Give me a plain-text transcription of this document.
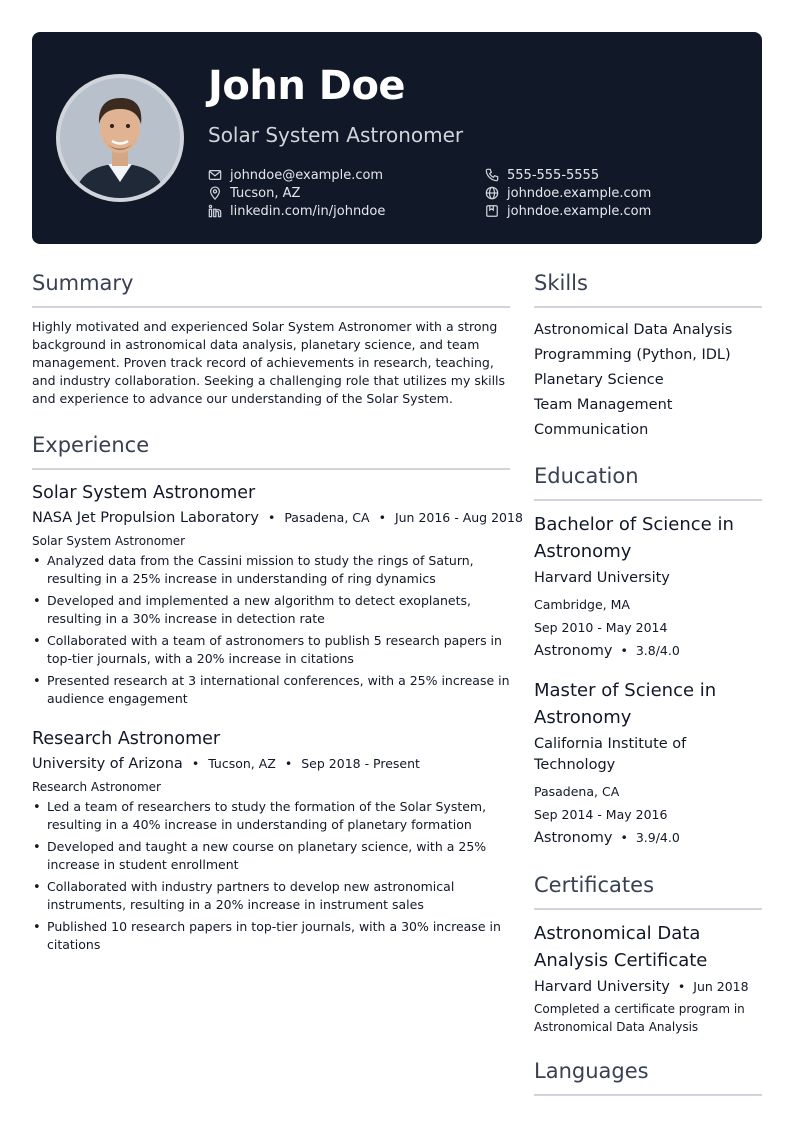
John Doe
Solar System Astronomer
johndoe@example.com
Tucson, AZ
linkedin.com/in/johndoe
555-555-5555
johndoe.example.com
johndoe.example.com
Summary

Highly motivated and experienced Solar System Astronomer with a strong background in astronomical data analysis, planetary science, and team management. Proven track record of achievements in research, teaching, and industry collaboration. Seeking a challenging role that utilizes my skills and experience to advance our understanding of the Solar System.

Experience
Solar System Astronomer
NASA Jet Propulsion Laboratory • Pasadena, CA • Jun 2016 - Aug 2018
Solar System Astronomer
• Analyzed data from the Cassini mission to study the rings of Saturn, resulting in a 25% increase in understanding of ring dynamics
• Developed and implemented a new algorithm to detect exoplanets, resulting in a 30% increase in detection rate
• Collaborated with a team of astronomers to publish 5 research papers in top-tier journals, with a 20% increase in citations
• Presented research at 3 international conferences, with a 25% increase in audience engagement
Research Astronomer
University of Arizona • Tucson, AZ • Sep 2018 - Present
Research Astronomer
• Led a team of researchers to study the formation of the Solar System, resulting in a 40% increase in understanding of planetary formation
• Developed and taught a new course on planetary science, with a 25% increase in student enrollment
• Collaborated with industry partners to develop new astronomical instruments, resulting in a 20% increase in instrument sales
• Published 10 research papers in top-tier journals, with a 30% increase in citations
Skills
Astronomical Data Analysis
Programming (Python, IDL)
Planetary Science
Team Management
Communication
Education
Bachelor of Science in Astronomy
Harvard University
Cambridge, MA
Sep 2010 - May 2014
Astronomy • 3.8/4.0
Master of Science in Astronomy
California Institute of Technology
Pasadena, CA
Sep 2014 - May 2016
Astronomy • 3.9/4.0
Certificates
Astronomical Data Analysis Certificate
Harvard University • Jun 2018
Completed a certificate program in Astronomical Data Analysis
Languages
